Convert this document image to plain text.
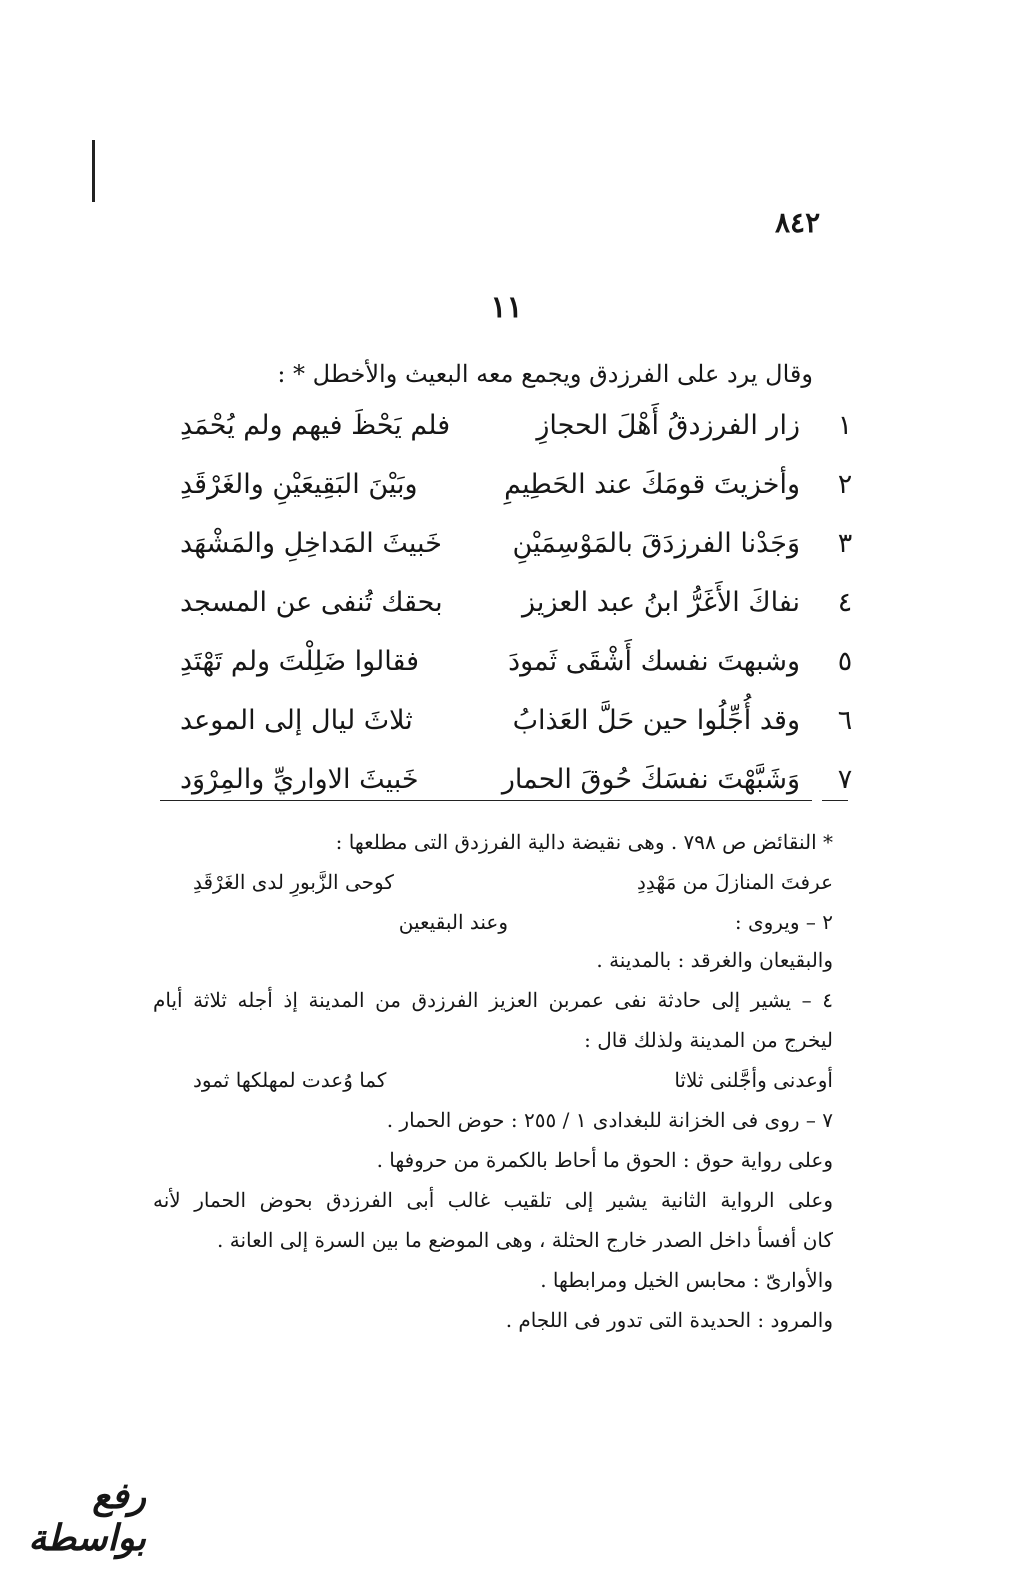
٨٤٢
١١
وقال يرد على الفرزدق ويجمع معه البعيث والأخطل * :
١
زار الفرزدقُ أَهْلَ الحجازِ
فلم يَحْظَ فيهم ولم يُحْمَدِ
٢
وأخزيتَ قومَكَ عند الحَطِيمِ
وبَيْنَ البَقِيعَيْنِ والغَرْقَدِ
٣
وَجَدْنا الفرزدَقَ بالمَوْسِمَيْنِ
خَبيثَ المَداخِلِ والمَشْهَد
٤
نفاكَ الأَغَرُّ ابنُ عبد العزيز
بحقك تُنفى عن المسجد
٥
وشبهتَ نفسك أَشْقَى ثَمودَ
فقالوا ضَلِلْتَ ولم تَهْتَدِ
٦
وقد أُجِّلُوا حين حَلَّ العَذابُ
ثلاثَ ليال إلى الموعد
٧
وَشَبَّهْتَ نفسَكَ حُوقَ الحمار
خَبيثَ الاواريِّ والمِرْوَد
* النقائض ص ٧٩٨ . وهى نقيضة دالية الفرزدق التى مطلعها :
عرفتَ المنازلَ من مَهْدِدِ
كوحى الزَّبورِ لدى الغَرْقَدِ
٢ – ويروى :
وعند البقيعين
والبقيعان والغرقد : بالمدينة .
٤ – يشير إلى حادثة نفى عمربن العزيز الفرزدق من المدينة إذ أجله ثلاثة أيام
ليخرج من المدينة ولذلك قال :
أوعدنى وأجَّلنى ثلاثا
كما وُعدت لمهلكها ثمود
٧ – روى فى الخزانة للبغدادى ١ / ٢٥٥ : حوض الحمار .
وعلى رواية حوق : الحوق ما أحاط بالكمرة من حروفها .
وعلى الرواية الثانية يشير إلى تلقيب غالب أبى الفرزدق بحوض الحمار لأنه
كان أفسأ داخل الصدر خارج الحثلة ، وهى الموضع ما بين السرة إلى العانة .
والأوارىّ : محابس الخيل ومرابطها .
والمرود : الحديدة التى تدور فى اللجام .
رفع بواسطة
